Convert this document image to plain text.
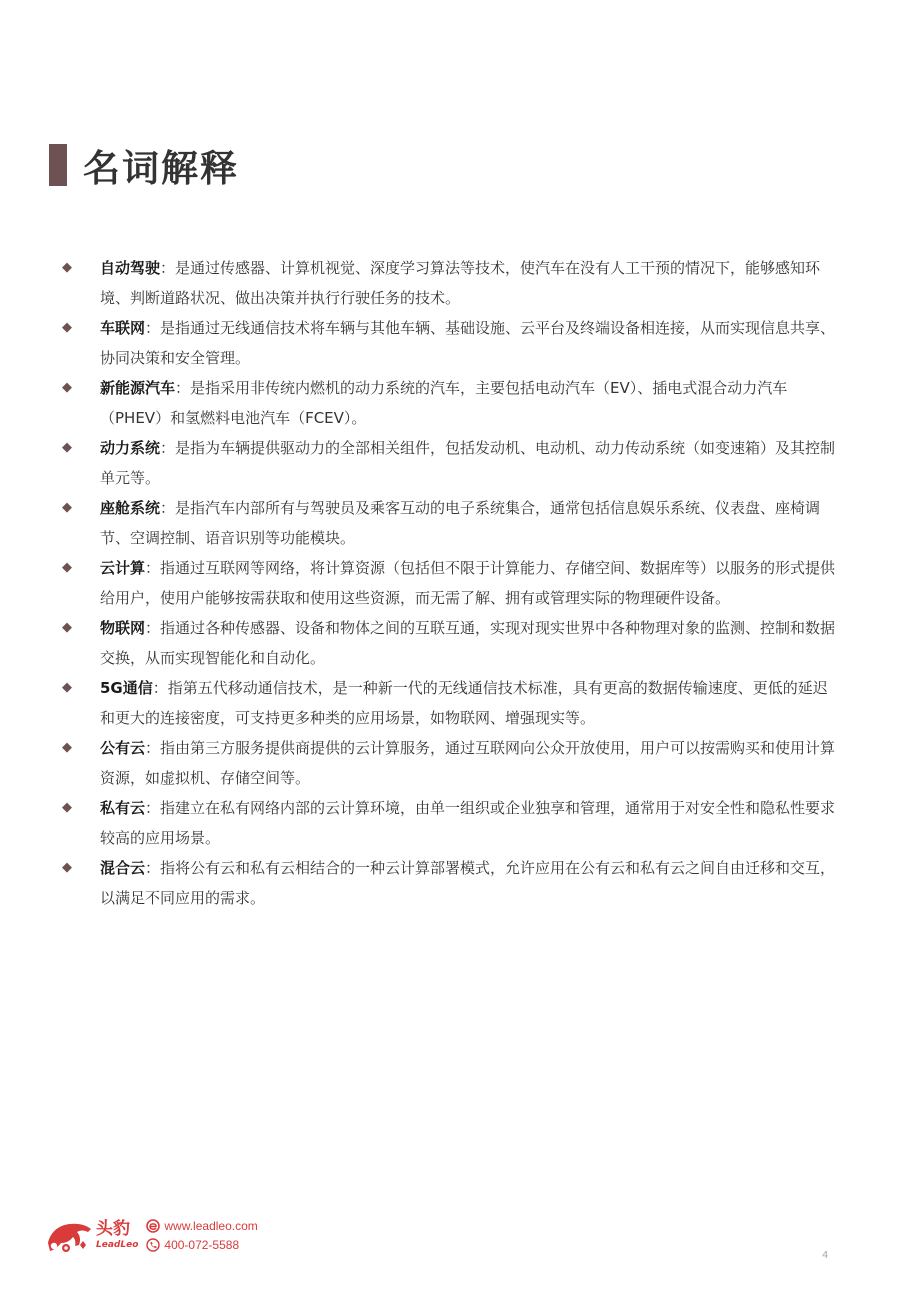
名词解释
◆	自动驾驶：是通过传感器、计算机视觉、深度学习算法等技术，使汽车在没有人工干预的情况下，能够感知环境、判断道路状况、做出决策并执行行驶任务的技术。
◆	车联网：是指通过无线通信技术将车辆与其他车辆、基础设施、云平台及终端设备相连接，从而实现信息共享、协同决策和安全管理。
◆	新能源汽车：是指采用非传统内燃机的动力系统的汽车，主要包括电动汽车（EV）、插电式混合动力汽车（PHEV）和氢燃料电池汽车（FCEV）。
◆	动力系统：是指为车辆提供驱动力的全部相关组件，包括发动机、电动机、动力传动系统（如变速箱）及其控制单元等。
◆	座舱系统：是指汽车内部所有与驾驶员及乘客互动的电子系统集合，通常包括信息娱乐系统、仪表盘、座椅调节、空调控制、语音识别等功能模块。
◆	云计算：指通过互联网等网络，将计算资源（包括但不限于计算能力、存储空间、数据库等）以服务的形式提供给用户，使用户能够按需获取和使用这些资源，而无需了解、拥有或管理实际的物理硬件设备。
◆	物联网：指通过各种传感器、设备和物体之间的互联互通，实现对现实世界中各种物理对象的监测、控制和数据交换，从而实现智能化和自动化。
◆	5G通信：指第五代移动通信技术，是一种新一代的无线通信技术标准，具有更高的数据传输速度、更低的延迟和更大的连接密度，可支持更多种类的应用场景，如物联网、增强现实等。
◆	公有云：指由第三方服务提供商提供的云计算服务，通过互联网向公众开放使用，用户可以按需购买和使用计算资源，如虚拟机、存储空间等。
◆	私有云：指建立在私有网络内部的云计算环境，由单一组织或企业独享和管理，通常用于对安全性和隐私性要求较高的应用场景。
◆	混合云：指将公有云和私有云相结合的一种云计算部署模式，允许应用在公有云和私有云之间自由迁移和交互，以满足不同应用的需求。
头豹
LeadLeo
www.leadleo.com
400-072-5588
4
